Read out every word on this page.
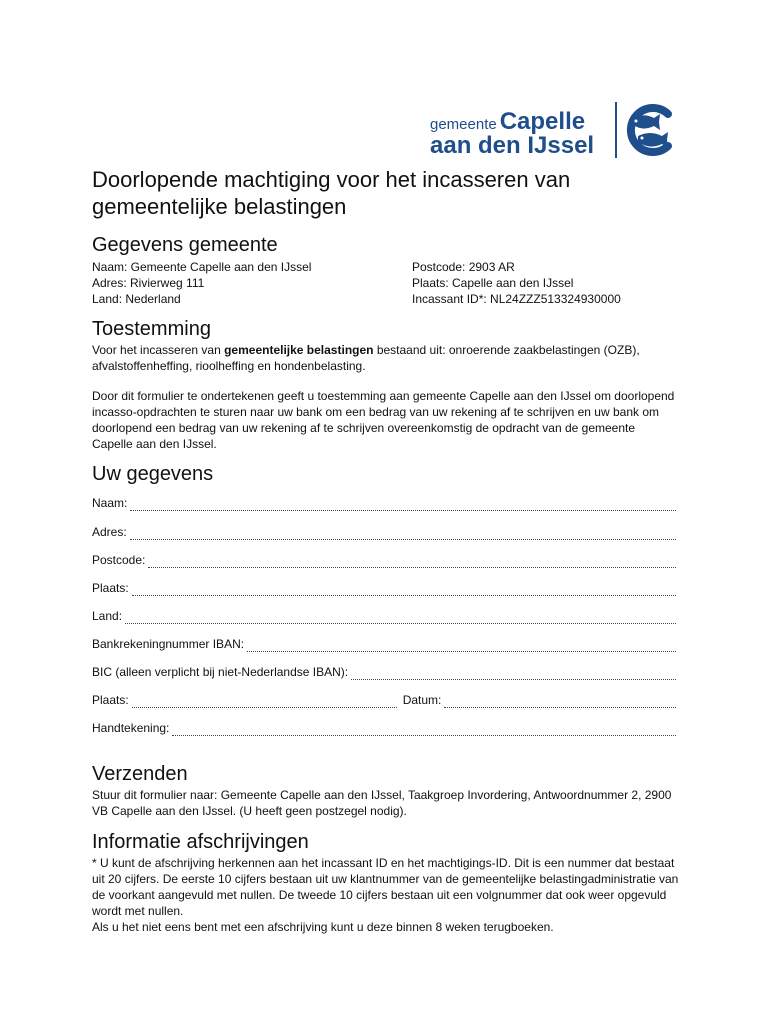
gemeente Capelle
aan den IJssel
Doorlopende machtiging voor het incasseren van gemeentelijke belastingen
Gegevens gemeente
Naam: Gemeente Capelle aan den IJssel
Adres: Rivierweg 111
Land: Nederland
Postcode: 2903 AR
Plaats: Capelle aan den IJssel
Incassant ID*: NL24ZZZ513324930000
Toestemming

Voor het incasseren van gemeentelijke belastingen bestaand uit: onroerende zaakbelastingen (OZB), afvalstoffenheffing, rioolheffing en hondenbelasting.

Door dit formulier te ondertekenen geeft u toestemming aan gemeente Capelle aan den IJssel om doorlopend incasso-opdrachten te sturen naar uw bank om een bedrag van uw rekening af te schrijven en uw bank om doorlopend een bedrag van uw rekening af te schrijven overeenkomstig de opdracht van de gemeente Capelle aan den IJssel.

Uw gegevens
Naam:
Adres:
Postcode:
Plaats:
Land:
Bankrekeningnummer IBAN:
BIC (alleen verplicht bij niet-Nederlandse IBAN):
Plaats:	Datum:
Handtekening:
Verzenden
Stuur dit formulier naar: Gemeente Capelle aan den IJssel, Taakgroep Invordering, Antwoordnummer 2, 2900 VB Capelle aan den IJssel. (U heeft geen postzegel nodig).
Informatie afschrijvingen

* U kunt de afschrijving herkennen aan het incassant ID en het machtigings-ID. Dit is een nummer dat bestaat uit 20 cijfers. De eerste 10 cijfers bestaan uit uw klantnummer van de gemeentelijke belastingadministratie van de voorkant aangevuld met nullen. De tweede 10 cijfers bestaan uit een volgnummer dat ook weer opgevuld wordt met nullen.

Als u het niet eens bent met een afschrijving kunt u deze binnen 8 weken terugboeken.
